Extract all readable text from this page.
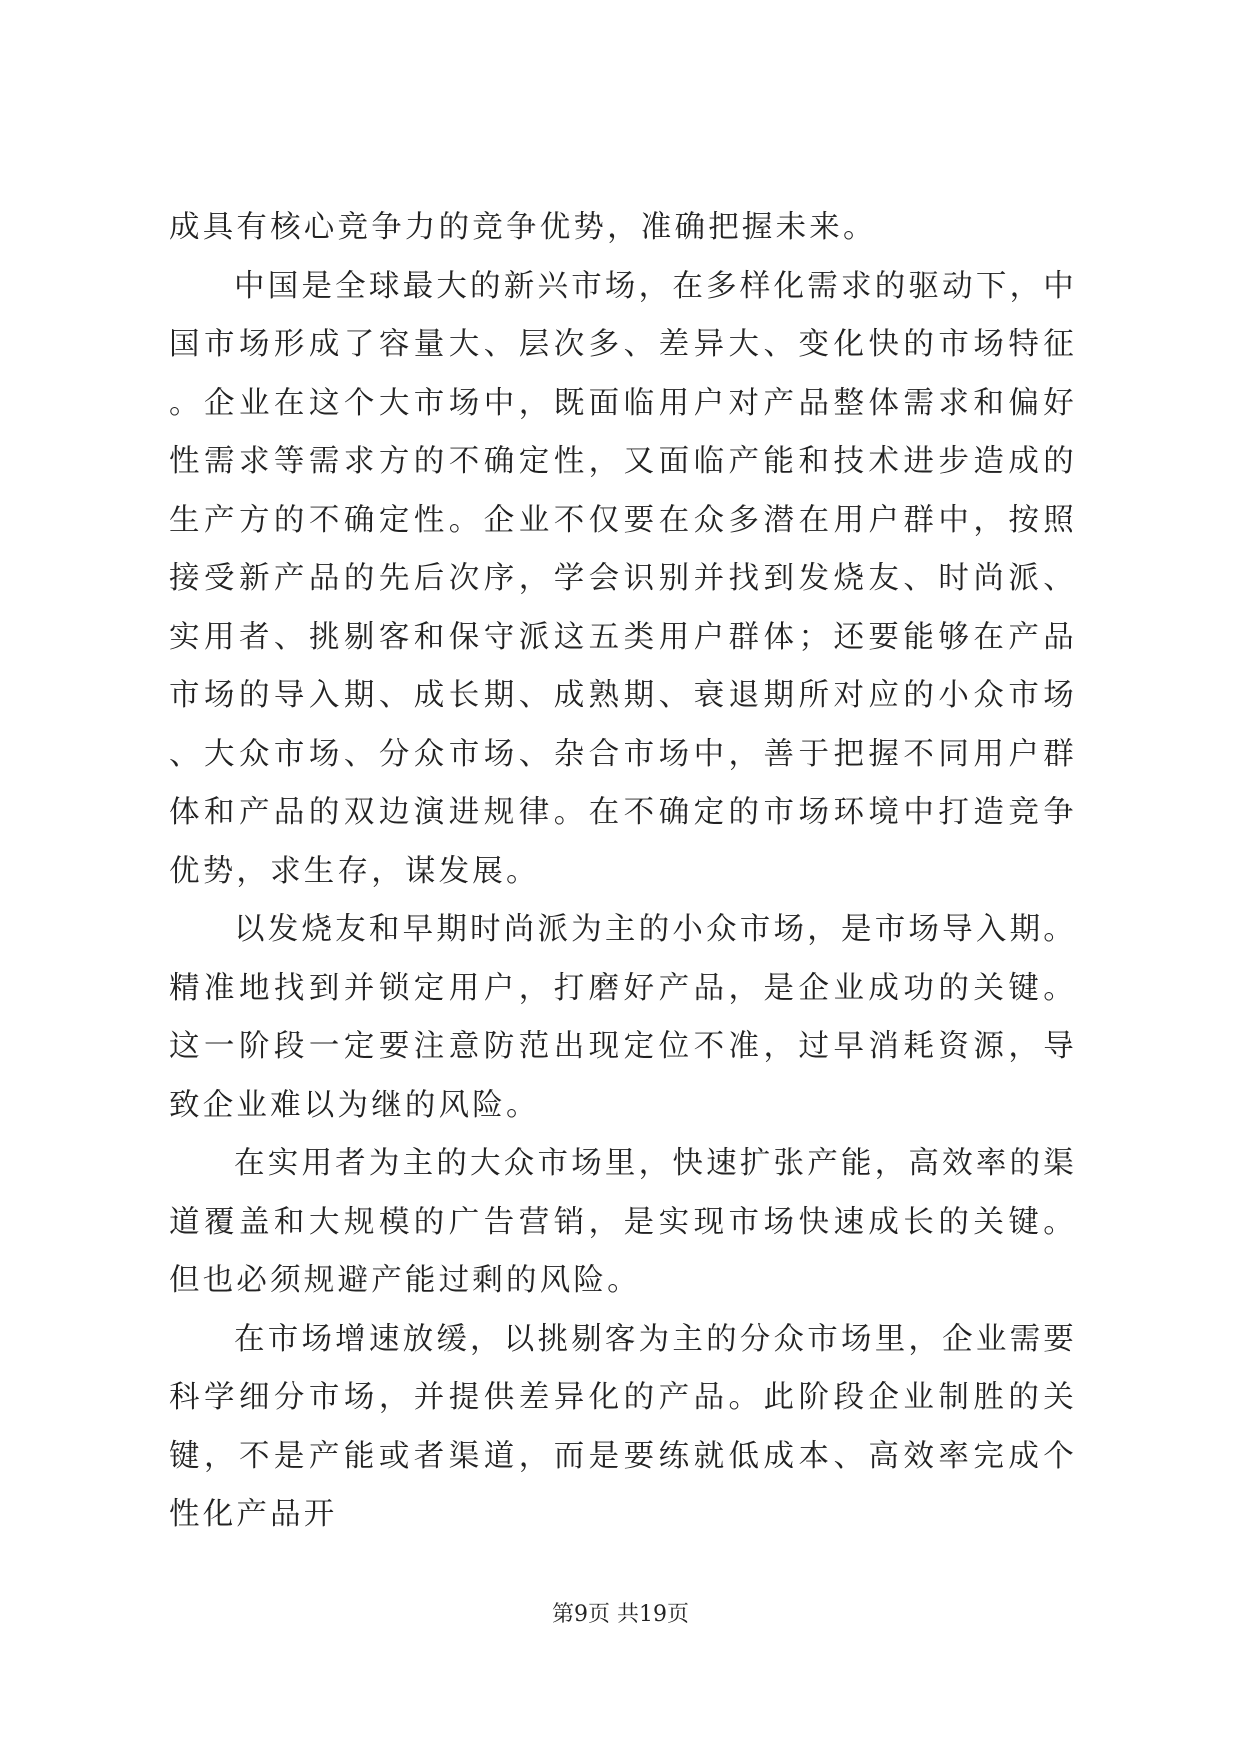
成具有核心竞争力的竞争优势，准确把握未来。

中国是全球最大的新兴市场，在多样化需求的驱动下，中国市场形成了容量大、层次多、差异大、变化快的市场特征。企业在这个大市场中，既面临用户对产品整体需求和偏好性需求等需求方的不确定性，又面临产能和技术进步造成的生产方的不确定性。企业不仅要在众多潜在用户群中，按照接受新产品的先后次序，学会识别并找到发烧友、时尚派、实用者、挑剔客和保守派这五类用户群体；还要能够在产品市场的导入期、成长期、成熟期、衰退期所对应的小众市场、大众市场、分众市场、杂合市场中，善于把握不同用户群体和产品的双边演进规律。在不确定的市场环境中打造竞争优势，求生存，谋发展。

以发烧友和早期时尚派为主的小众市场，是市场导入期。精准地找到并锁定用户，打磨好产品，是企业成功的关键。这一阶段一定要注意防范出现定位不准，过早消耗资源，导致企业难以为继的风险。

在实用者为主的大众市场里，快速扩张产能，高效率的渠道覆盖和大规模的广告营销，是实现市场快速成长的关键。但也必须规避产能过剩的风险。

在市场增速放缓，以挑剔客为主的分众市场里，企业需要科学细分市场，并提供差异化的产品。此阶段企业制胜的关键，不是产能或者渠道，而是要练就低成本、高效率完成个性化产品开

第9页 共19页
